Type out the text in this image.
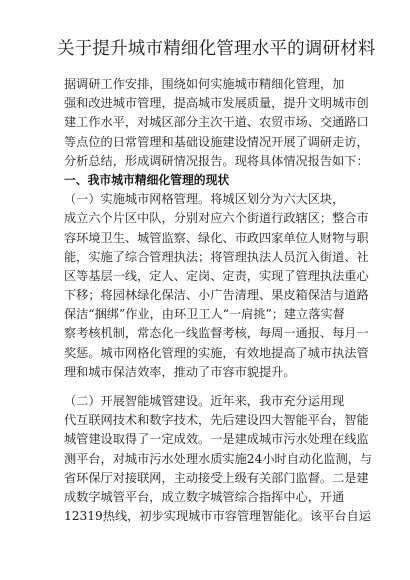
关于提升城市精细化管理水平的调研材料
据调研工作安排，围绕如何实施城市精细化管理，加
强和改进城市管理，提高城市发展质量，提升文明城市创
建工作水平，对城区部分主次干道、农贸市场、交通路口
等点位的日常管理和基础设施建设情况开展了调研走访，
分析总结，形成调研情况报告。现将具体情况报告如下：
一、我市城市精细化管理的现状
（一）实施城市网格管理。将城区划分为六大区块，
成立六个片区中队，分别对应六个街道行政辖区；整合市
容环境卫生、城管监察、绿化、市政四家单位人财物与职
能，实施了综合管理执法；将管理执法人员沉入街道、社
区等基层一线，定人、定岗、定责，实现了管理执法重心
下移；将园林绿化保洁、小广告清理、果皮箱保洁与道路
保洁“捆绑”作业，由环卫工人“一肩挑”；建立落实督
察考核机制，常态化一线监督考核，每周一通报、每月一
奖惩。城市网格化管理的实施，有效地提高了城市执法管
理和城市保洁效率，推动了市容市貌提升。
（二）开展智能城管建设。近年来，我市充分运用现
代互联网技术和数字技术，先后建设四大智能平台，智能
城管建设取得了一定成效。一是建成城市污水处理在线监
测平台，对城市污水处理水质实施24小时自动化监测，与
省环保厅对接联网，主动接受上级有关部门监督。二是建
成数字城管平台，成立数字城管综合指挥中心，开通
12319热线，初步实现城市市容管理智能化。该平台自运
